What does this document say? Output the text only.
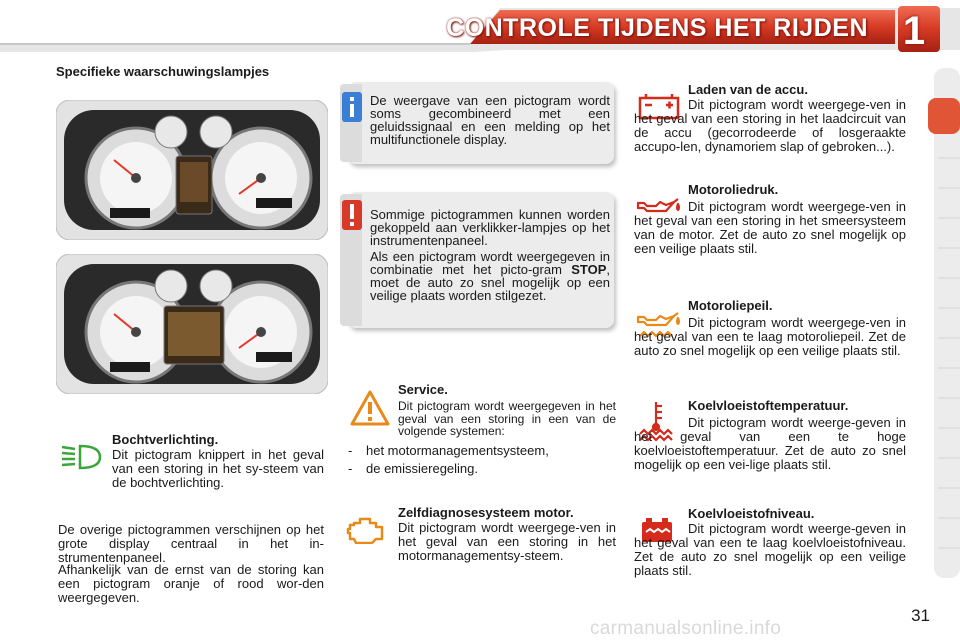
CONTROLE TIJDENS HET RIJDEN 1
Specifieke waarschuwingslampjes
De weergave van een pictogram wordt soms gecombineerd met een geluidssignaal en een melding op het multifunctionele display.
Sommige pictogrammen kunnen worden gekoppeld aan verklikker-lampjes op het instrumentenpaneel.
Als een pictogram wordt weergegeven in combinatie met het picto-gram STOP, moet de auto zo snel mogelijk op een veilige plaats worden stilgezet.
Bochtverlichting.
Dit pictogram knippert in het geval van een storing in het sy-steem van de bochtverlichting.
De overige pictogrammen verschijnen op het grote display centraal in het in-strumentenpaneel.
Afhankelijk van de ernst van de storing kan een pictogram oranje of rood wor-den weergegeven.
Service.
Dit pictogram wordt weergegeven in het geval van een storing in een van de volgende systemen:
- het motormanagementsysteem,
- de emissieregeling.
Zelfdiagnosesysteem motor.
Dit pictogram wordt weergege-ven in het geval van een storing in het motormanagementsy-steem.
Laden van de accu.
Dit pictogram wordt weergege-ven in het geval van een storing in het laadcircuit van de accu (gecorrodeerde of losgeraakte accupo-len, dynamoriem slap of gebroken...).
Motoroliedruk.
Dit pictogram wordt weergege-ven in het geval van een storing in het smeersysteem van de motor. Zet de auto zo snel mogelijk op een veilige plaats stil.
Motoroliepeil.
Dit pictogram wordt weergege-ven in het geval van een te laag motoroliepeil. Zet de auto zo snel mogelijk op een veilige plaats stil.
Koelvloeistoftemperatuur.
Dit pictogram wordt weerge-geven in het geval van een te hoge koelvloeistoftemperatuur. Zet de auto zo snel mogelijk op een vei-lige plaats stil.
Koelvloeistofniveau.
Dit pictogram wordt weerge-geven in het geval van een te laag koelvloeistofniveau. Zet de auto zo snel mogelijk op een veilige plaats stil.
31
carmanualsonline.info
